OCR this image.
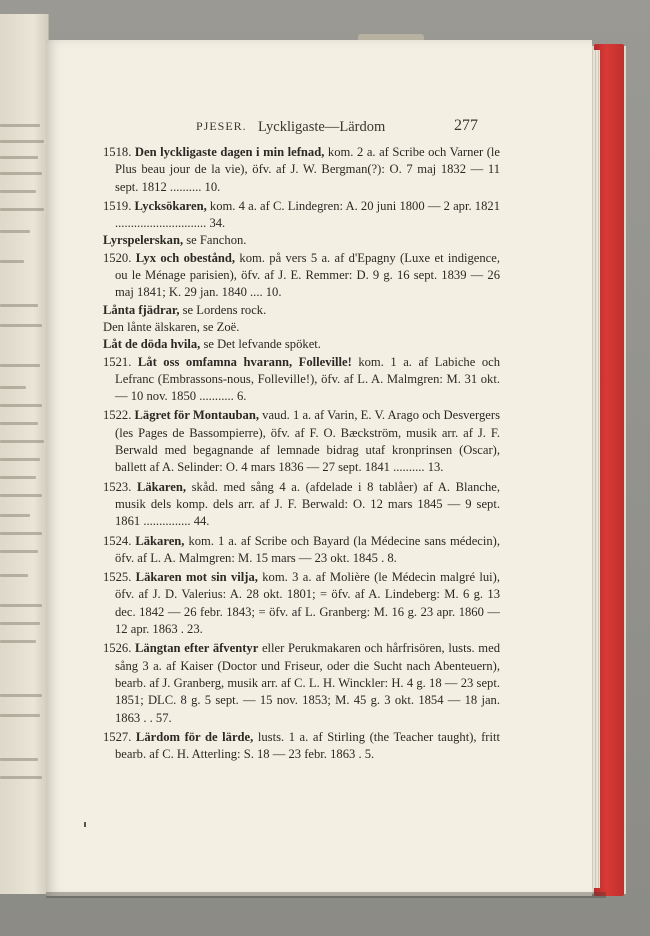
PJESER. Lyckligaste—Lärdom	277

1518. Den lyckligaste dagen i min lefnad, kom. 2 a. af Scribe och Varner (le Plus beau jour de la vie), öfv. af J. W. Bergman(?): O. 7 maj 1832 — 11 sept. 1812 .......... 10.

1519. Lycksökaren, kom. 4 a. af C. Lindegren: A. 20 juni 1800 — 2 apr. 1821 ............................. 34.

Lyrspelerskan, se Fanchon.

1520. Lyx och obestånd, kom. på vers 5 a. af d'Epagny (Luxe et indigence, ou le Ménage parisien), öfv. af J. E. Remmer: D. 9 g. 16 sept. 1839 — 26 maj 1841; K. 29 jan. 1840 .... 10.

Lånta fjädrar, se Lordens rock.

Den lånte älskaren, se Zoë.

Låt de döda hvila, se Det lefvande spöket.

1521. Låt oss omfamna hvarann, Folleville! kom. 1 a. af Labiche och Lefranc (Embrassons-nous, Folleville!), öfv. af L. A. Malmgren: M. 31 okt. — 10 nov. 1850 ........... 6.

1522. Lägret för Montauban, vaud. 1 a. af Varin, E. V. Arago och Desvergers (les Pages de Bassompierre), öfv. af F. O. Bæckström, musik arr. af J. F. Berwald med begagnande af lemnade bidrag utaf kronprinsen (Oscar), ballett af A. Selinder: O. 4 mars 1836 — 27 sept. 1841 .......... 13.

1523. Läkaren, skåd. med sång 4 a. (afdelade i 8 tablåer) af A. Blanche, musik dels komp. dels arr. af J. F. Berwald: O. 12 mars 1845 — 9 sept. 1861 ............... 44.

1524. Läkaren, kom. 1 a. af Scribe och Bayard (la Médecine sans médecin), öfv. af L. A. Malmgren: M. 15 mars — 23 okt. 1845 . 8.

1525. Läkaren mot sin vilja, kom. 3 a. af Molière (le Médecin malgré lui), öfv. af J. D. Valerius: A. 28 okt. 1801; = öfv. af A. Lindeberg: M. 6 g. 13 dec. 1842 — 26 febr. 1843; = öfv. af L. Granberg: M. 16 g. 23 apr. 1860 — 12 apr. 1863 . 23.

1526. Längtan efter äfventyr eller Perukmakaren och hårfrisören, lusts. med sång 3 a. af Kaiser (Doctor und Friseur, oder die Sucht nach Abenteuern), bearb. af J. Granberg, musik arr. af C. L. H. Winckler: H. 4 g. 18 — 23 sept. 1851; DLC. 8 g. 5 sept. — 15 nov. 1853; M. 45 g. 3 okt. 1854 — 18 jan. 1863 . . 57.

1527. Lärdom för de lärde, lusts. 1 a. af Stirling (the Teacher taught), fritt bearb. af C. H. Atterling: S. 18 — 23 febr. 1863 . 5.
